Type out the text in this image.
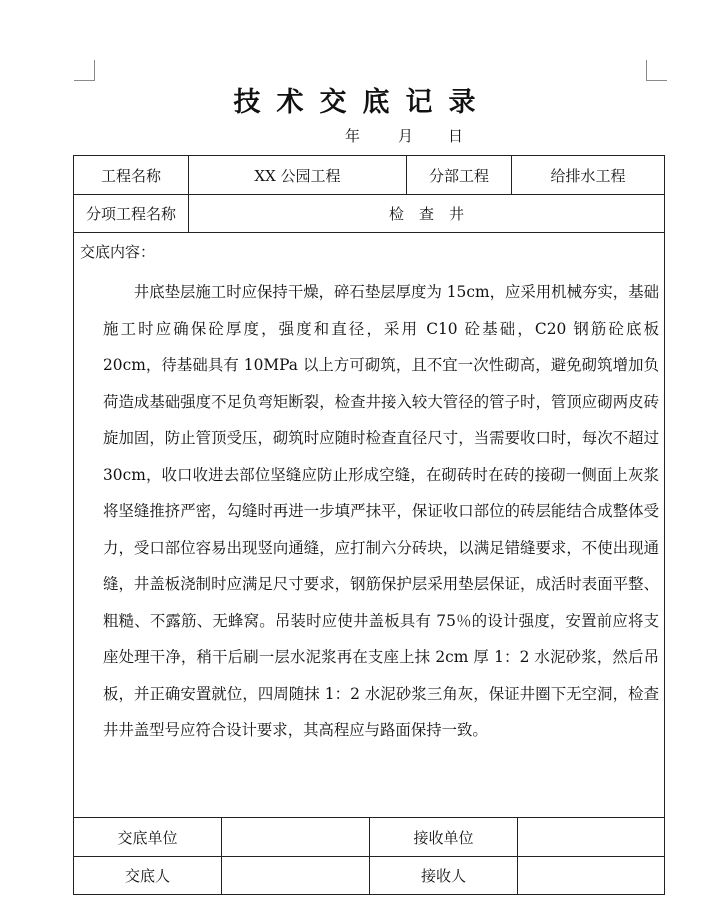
技术交底记录
年	月 日
工程名称	XX 公园工程	分部工程	给排水工程
分项工程名称	检　查　井
交底内容：
井底垫层施工时应保持干燥，碎石垫层厚度为 15cm，应采用机械夯实，基础施工时应确保砼厚度，强度和直径，采用 C10 砼基础，C20 钢筋砼底板 20cm，待基础具有 10MPa 以上方可砌筑，且不宜一次性砌高，避免砌筑增加负荷造成基础强度不足负弯矩断裂，检查井接入较大管径的管子时，管顶应砌两皮砖旋加固，防止管顶受压，砌筑时应随时检查直径尺寸，当需要收口时，每次不超过 30cm，收口收进去部位坚缝应防止形成空缝，在砌砖时在砖的接砌一侧面上灰浆将坚缝推挤严密，勾缝时再进一步填严抹平，保证收口部位的砖层能结合成整体受力，受口部位容易出现竖向通缝，应打制六分砖块，以满足错缝要求，不使出现通缝，井盖板浇制时应满足尺寸要求，钢筋保护层采用垫层保证，成活时表面平整、粗糙、不露筋、无蜂窝。吊装时应使井盖板具有 75％的设计强度，安置前应将支座处理干净，稍干后刷一层水泥浆再在支座上抹 2cm 厚 1：2 水泥砂浆，然后吊板，并正确安置就位，四周随抹 1：2 水泥砂浆三角灰，保证井圈下无空洞，检查井井盖型号应符合设计要求，其高程应与路面保持一致。
交底单位	接收单位
交底人	接收人
